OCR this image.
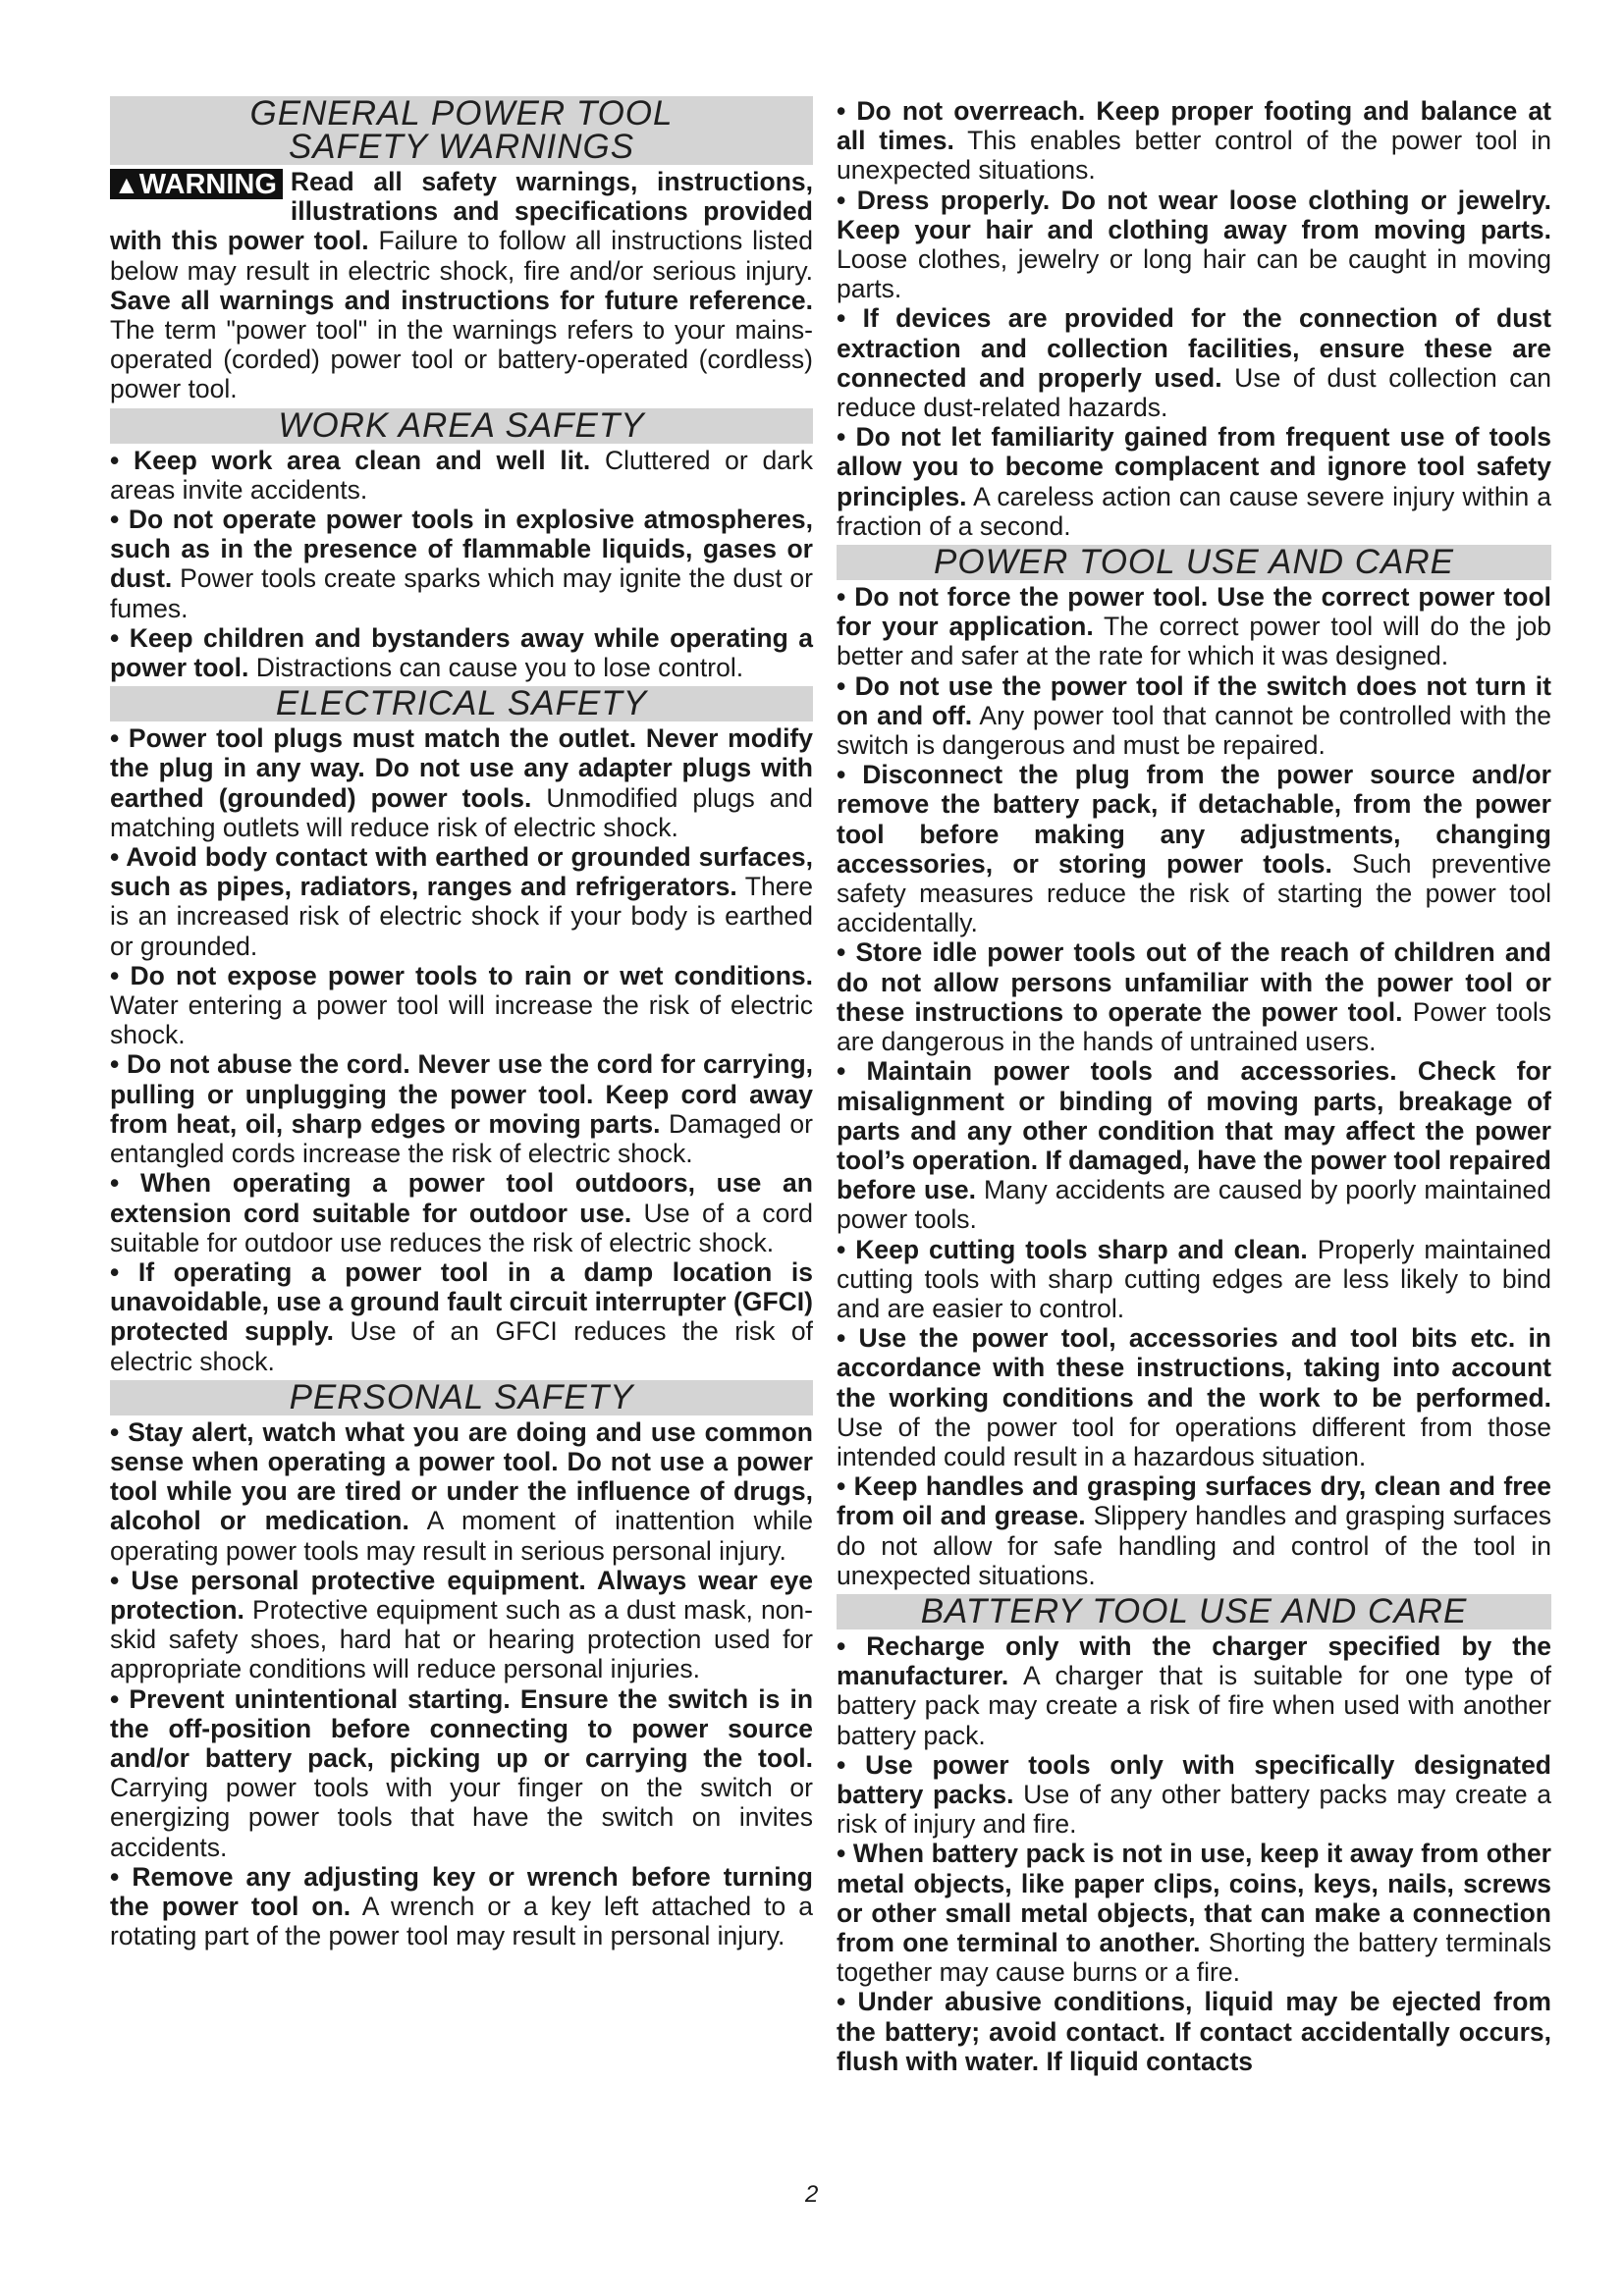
GENERAL POWER TOOL
SAFETY WARNINGS

▲WARNING Read all safety warnings, instructions, illustrations and specifications provided with this power tool. Failure to follow all instructions listed below may result in electric shock, fire and/or serious injury. Save all warnings and instructions for future reference. The term "power tool" in the warnings refers to your mains-operated (corded) power tool or battery-operated (cordless) power tool.

WORK AREA SAFETY

• Keep work area clean and well lit. Cluttered or dark areas invite accidents.

• Do not operate power tools in explosive atmospheres, such as in the presence of flammable liquids, gases or dust. Power tools create sparks which may ignite the dust or fumes.

• Keep children and bystanders away while operating a power tool. Distractions can cause you to lose control.

ELECTRICAL SAFETY

• Power tool plugs must match the outlet. Never modify the plug in any way. Do not use any adapter plugs with earthed (grounded) power tools. Unmodified plugs and matching outlets will reduce risk of electric shock.

• Avoid body contact with earthed or grounded surfaces, such as pipes, radiators, ranges and refrigerators. There is an increased risk of electric shock if your body is earthed or grounded.

• Do not expose power tools to rain or wet conditions. Water entering a power tool will increase the risk of electric shock.

• Do not abuse the cord. Never use the cord for carrying, pulling or unplugging the power tool. Keep cord away from heat, oil, sharp edges or moving parts. Damaged or entangled cords increase the risk of electric shock.

• When operating a power tool outdoors, use an extension cord suitable for outdoor use. Use of a cord suitable for outdoor use reduces the risk of electric shock.

• If operating a power tool in a damp location is unavoidable, use a ground fault circuit interrupter (GFCI) protected supply. Use of an GFCI reduces the risk of electric shock.

PERSONAL SAFETY

• Stay alert, watch what you are doing and use common sense when operating a power tool. Do not use a power tool while you are tired or under the influence of drugs, alcohol or medication. A moment of inattention while operating power tools may result in serious personal injury.

• Use personal protective equipment. Always wear eye protection. Protective equipment such as a dust mask, non-skid safety shoes, hard hat or hearing protection used for appropriate conditions will reduce personal injuries.

• Prevent unintentional starting. Ensure the switch is in the off-position before connecting to power source and/or battery pack, picking up or carrying the tool. Carrying power tools with your finger on the switch or energizing power tools that have the switch on invites accidents.

• Remove any adjusting key or wrench before turning the power tool on. A wrench or a key left attached to a rotating part of the power tool may result in personal injury.

• Do not overreach. Keep proper footing and balance at all times. This enables better control of the power tool in unexpected situations.

• Dress properly. Do not wear loose clothing or jewelry. Keep your hair and clothing away from moving parts. Loose clothes, jewelry or long hair can be caught in moving parts.

• If devices are provided for the connection of dust extraction and collection facilities, ensure these are connected and properly used. Use of dust collection can reduce dust-related hazards.

• Do not let familiarity gained from frequent use of tools allow you to become complacent and ignore tool safety principles. A careless action can cause severe injury within a fraction of a second.

POWER TOOL USE AND CARE

• Do not force the power tool. Use the correct power tool for your application. The correct power tool will do the job better and safer at the rate for which it was designed.

• Do not use the power tool if the switch does not turn it on and off. Any power tool that cannot be controlled with the switch is dangerous and must be repaired.

• Disconnect the plug from the power source and/or remove the battery pack, if detachable, from the power tool before making any adjustments, changing accessories, or storing power tools. Such preventive safety measures reduce the risk of starting the power tool accidentally.

• Store idle power tools out of the reach of children and do not allow persons unfamiliar with the power tool or these instructions to operate the power tool. Power tools are dangerous in the hands of untrained users.

• Maintain power tools and accessories. Check for misalignment or binding of moving parts, breakage of parts and any other condition that may affect the power tool’s operation. If damaged, have the power tool repaired before use. Many accidents are caused by poorly maintained power tools.

• Keep cutting tools sharp and clean. Properly maintained cutting tools with sharp cutting edges are less likely to bind and are easier to control.

• Use the power tool, accessories and tool bits etc. in accordance with these instructions, taking into account the working conditions and the work to be performed. Use of the power tool for operations different from those intended could result in a hazardous situation.

• Keep handles and grasping surfaces dry, clean and free from oil and grease. Slippery handles and grasping surfaces do not allow for safe handling and control of the tool in unexpected situations.

BATTERY TOOL USE AND CARE

• Recharge only with the charger specified by the manufacturer. A charger that is suitable for one type of battery pack may create a risk of fire when used with another battery pack.

• Use power tools only with specifically designated battery packs. Use of any other battery packs may create a risk of injury and fire.

• When battery pack is not in use, keep it away from other metal objects, like paper clips, coins, keys, nails, screws or other small metal objects, that can make a connection from one terminal to another. Shorting the battery terminals together may cause burns or a fire.

• Under abusive conditions, liquid may be ejected from the battery; avoid contact. If contact accidentally occurs, flush with water. If liquid contacts

2
